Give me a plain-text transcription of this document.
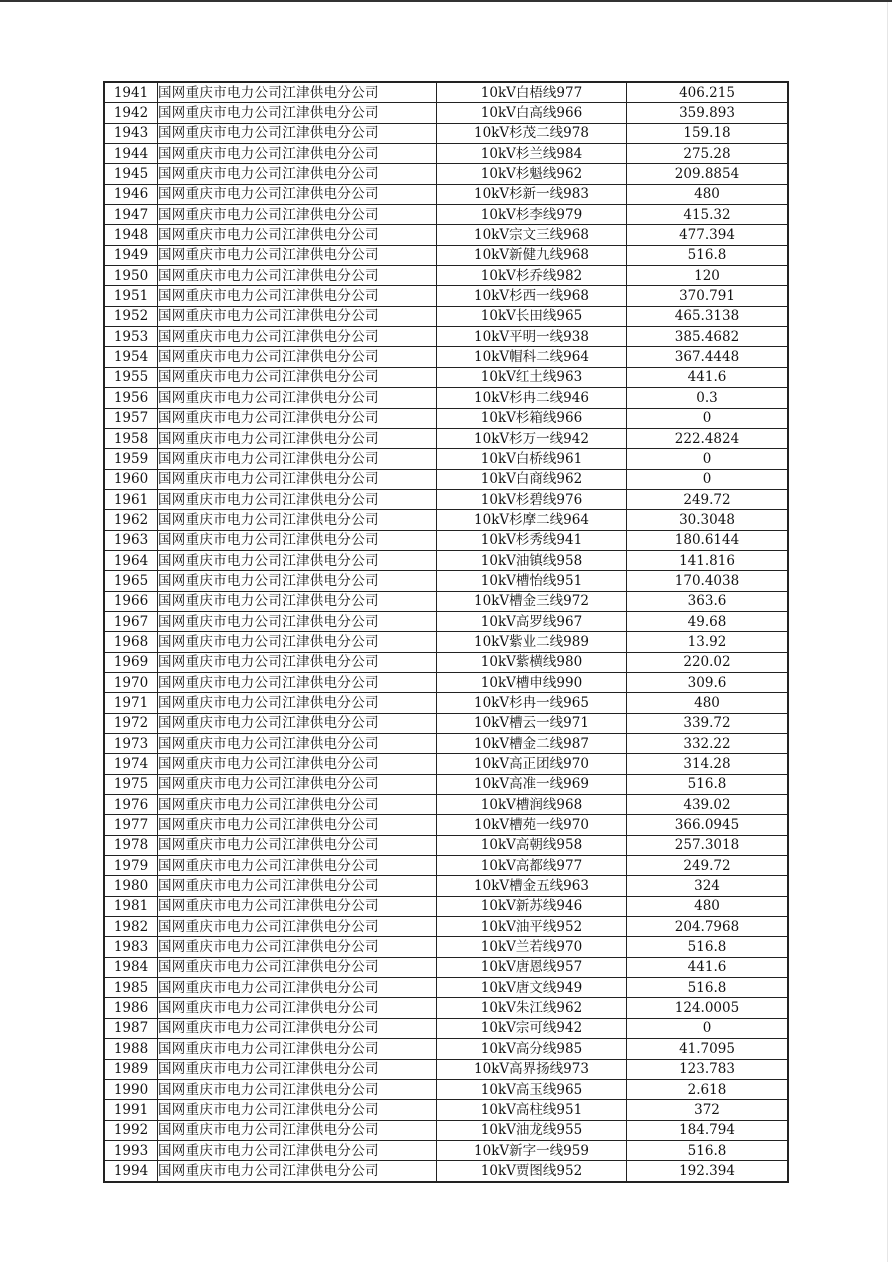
1941	国网重庆市电力公司江津供电分公司	10kV白梧线977	406.215
1942	国网重庆市电力公司江津供电分公司	10kV白高线966	359.893
1943	国网重庆市电力公司江津供电分公司	10kV杉茂二线978	159.18
1944	国网重庆市电力公司江津供电分公司	10kV杉兰线984	275.28
1945	国网重庆市电力公司江津供电分公司	10kV杉魁线962	209.8854
1946	国网重庆市电力公司江津供电分公司	10kV杉新一线983	480
1947	国网重庆市电力公司江津供电分公司	10kV杉李线979	415.32
1948	国网重庆市电力公司江津供电分公司	10kV宗文三线968	477.394
1949	国网重庆市电力公司江津供电分公司	10kV新健九线968	516.8
1950	国网重庆市电力公司江津供电分公司	10kV杉乔线982	120
1951	国网重庆市电力公司江津供电分公司	10kV杉西一线968	370.791
1952	国网重庆市电力公司江津供电分公司	10kV长田线965	465.3138
1953	国网重庆市电力公司江津供电分公司	10kV平明一线938	385.4682
1954	国网重庆市电力公司江津供电分公司	10kV帽科二线964	367.4448
1955	国网重庆市电力公司江津供电分公司	10kV红土线963	441.6
1956	国网重庆市电力公司江津供电分公司	10kV杉冉二线946	0.3
1957	国网重庆市电力公司江津供电分公司	10kV杉箱线966	0
1958	国网重庆市电力公司江津供电分公司	10kV杉万一线942	222.4824
1959	国网重庆市电力公司江津供电分公司	10kV白桥线961	0
1960	国网重庆市电力公司江津供电分公司	10kV白商线962	0
1961	国网重庆市电力公司江津供电分公司	10kV杉碧线976	249.72
1962	国网重庆市电力公司江津供电分公司	10kV杉摩二线964	30.3048
1963	国网重庆市电力公司江津供电分公司	10kV杉秀线941	180.6144
1964	国网重庆市电力公司江津供电分公司	10kV油镇线958	141.816
1965	国网重庆市电力公司江津供电分公司	10kV槽怡线951	170.4038
1966	国网重庆市电力公司江津供电分公司	10kV槽金三线972	363.6
1967	国网重庆市电力公司江津供电分公司	10kV高罗线967	49.68
1968	国网重庆市电力公司江津供电分公司	10kV紫业二线989	13.92
1969	国网重庆市电力公司江津供电分公司	10kV紫横线980	220.02
1970	国网重庆市电力公司江津供电分公司	10kV槽申线990	309.6
1971	国网重庆市电力公司江津供电分公司	10kV杉冉一线965	480
1972	国网重庆市电力公司江津供电分公司	10kV槽云一线971	339.72
1973	国网重庆市电力公司江津供电分公司	10kV槽金二线987	332.22
1974	国网重庆市电力公司江津供电分公司	10kV高正团线970	314.28
1975	国网重庆市电力公司江津供电分公司	10kV高准一线969	516.8
1976	国网重庆市电力公司江津供电分公司	10kV槽润线968	439.02
1977	国网重庆市电力公司江津供电分公司	10kV槽苑一线970	366.0945
1978	国网重庆市电力公司江津供电分公司	10kV高朝线958	257.3018
1979	国网重庆市电力公司江津供电分公司	10kV高都线977	249.72
1980	国网重庆市电力公司江津供电分公司	10kV槽金五线963	324
1981	国网重庆市电力公司江津供电分公司	10kV新苏线946	480
1982	国网重庆市电力公司江津供电分公司	10kV油平线952	204.7968
1983	国网重庆市电力公司江津供电分公司	10kV兰若线970	516.8
1984	国网重庆市电力公司江津供电分公司	10kV唐恩线957	441.6
1985	国网重庆市电力公司江津供电分公司	10kV唐文线949	516.8
1986	国网重庆市电力公司江津供电分公司	10kV朱江线962	124.0005
1987	国网重庆市电力公司江津供电分公司	10kV宗可线942	0
1988	国网重庆市电力公司江津供电分公司	10kV高分线985	41.7095
1989	国网重庆市电力公司江津供电分公司	10kV高界扬线973	123.783
1990	国网重庆市电力公司江津供电分公司	10kV高玉线965	2.618
1991	国网重庆市电力公司江津供电分公司	10kV高柱线951	372
1992	国网重庆市电力公司江津供电分公司	10kV油龙线955	184.794
1993	国网重庆市电力公司江津供电分公司	10kV新字一线959	516.8
1994	国网重庆市电力公司江津供电分公司	10kV贾图线952	192.394
